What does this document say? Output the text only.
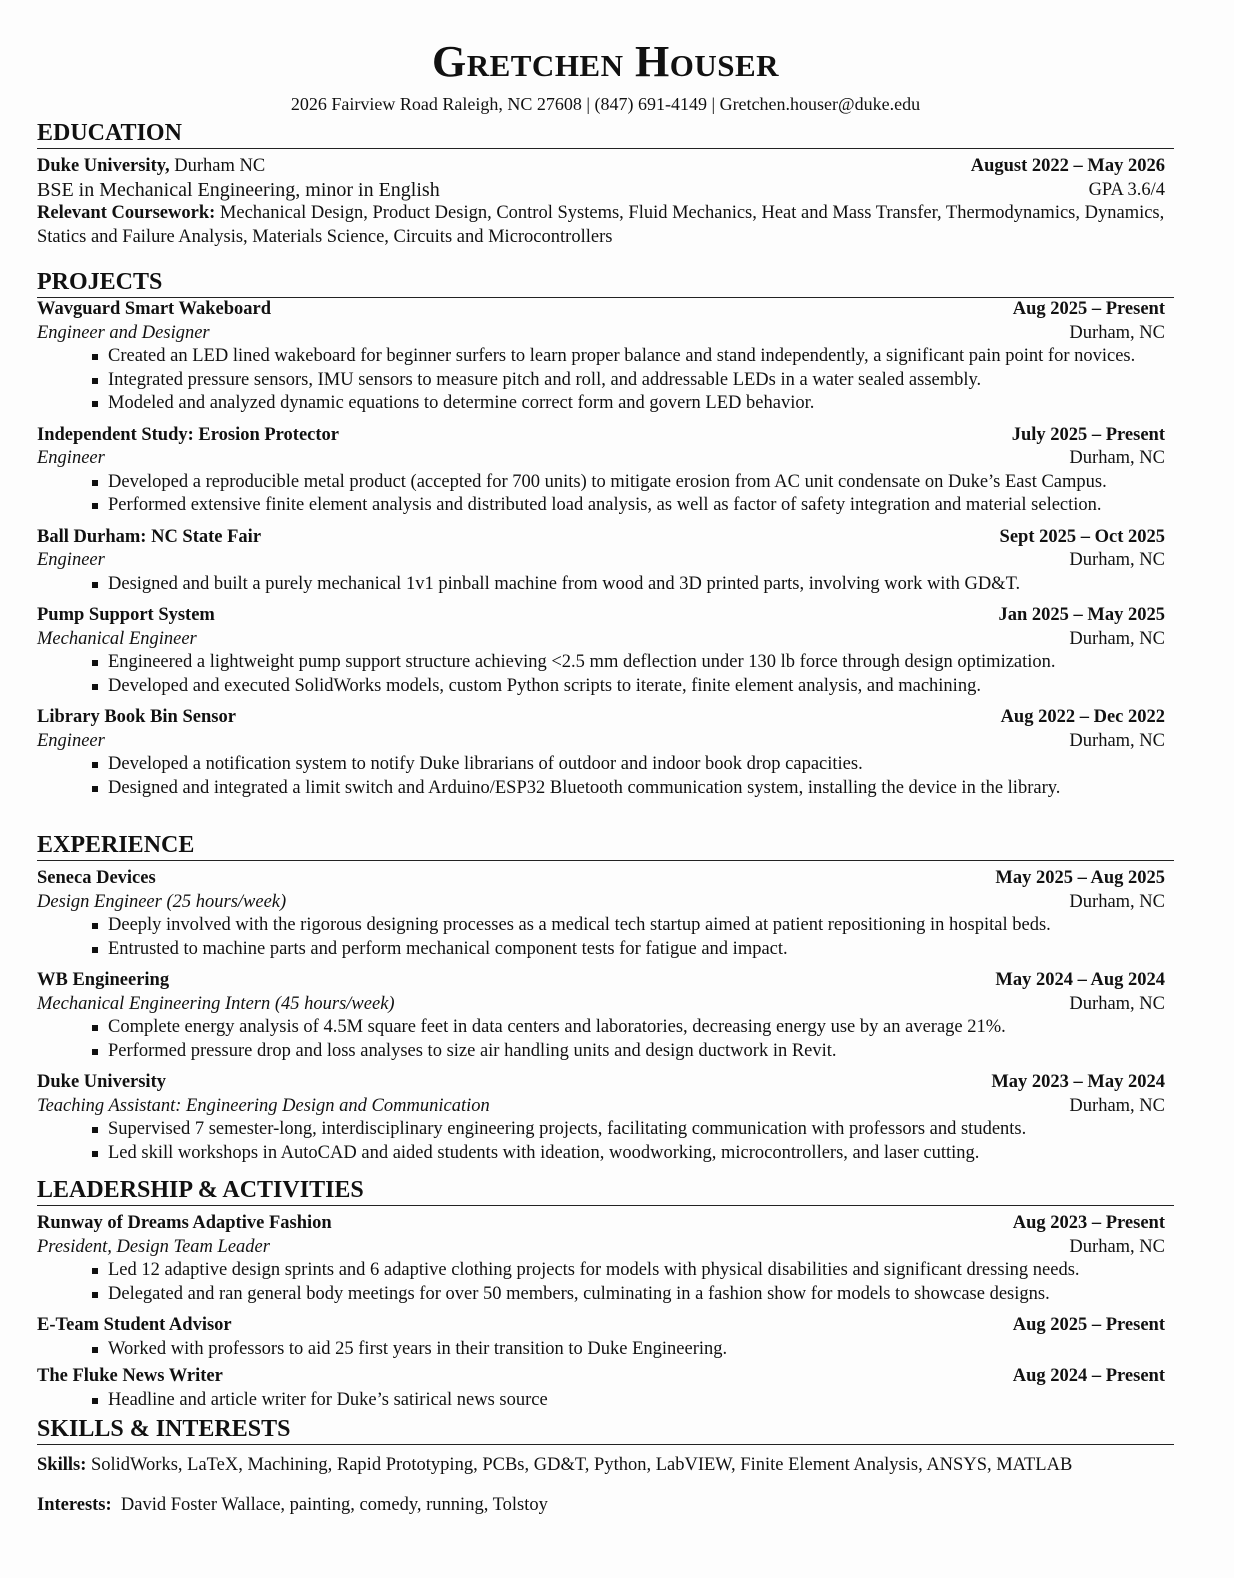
Gretchen Houser
2026 Fairview Road Raleigh, NC 27608 | (847) 691-4149 | Gretchen.houser@duke.edu
EDUCATION
Duke University, Durham NC	August 2022 – May 2026
BSE in Mechanical Engineering, minor in English	GPA 3.6/4
Relevant Coursework: Mechanical Design, Product Design, Control Systems, Fluid Mechanics, Heat and Mass Transfer, Thermodynamics, Dynamics, Statics and Failure Analysis, Materials Science, Circuits and Microcontrollers
PROJECTS
Wavguard Smart Wakeboard	Aug 2025 – Present
Engineer and Designer	Durham, NC
Created an LED lined wakeboard for beginner surfers to learn proper balance and stand independently, a significant pain point for novices.
Integrated pressure sensors, IMU sensors to measure pitch and roll, and addressable LEDs in a water sealed assembly.
Modeled and analyzed dynamic equations to determine correct form and govern LED behavior.
Independent Study: Erosion Protector	July 2025 – Present
Engineer	Durham, NC
Developed a reproducible metal product (accepted for 700 units) to mitigate erosion from AC unit condensate on Duke’s East Campus.
Performed extensive finite element analysis and distributed load analysis, as well as factor of safety integration and material selection.
Ball Durham: NC State Fair	Sept 2025 – Oct 2025
Engineer	Durham, NC
Designed and built a purely mechanical 1v1 pinball machine from wood and 3D printed parts, involving work with GD&T.
Pump Support System	Jan 2025 – May 2025
Mechanical Engineer	Durham, NC
Engineered a lightweight pump support structure achieving <2.5 mm deflection under 130 lb force through design optimization.
Developed and executed SolidWorks models, custom Python scripts to iterate, finite element analysis, and machining.
Library Book Bin Sensor	Aug 2022 – Dec 2022
Engineer	Durham, NC
Developed a notification system to notify Duke librarians of outdoor and indoor book drop capacities.
Designed and integrated a limit switch and Arduino/ESP32 Bluetooth communication system, installing the device in the library.
EXPERIENCE
Seneca Devices	May 2025 – Aug 2025
Design Engineer (25 hours/week)	Durham, NC
Deeply involved with the rigorous designing processes as a medical tech startup aimed at patient repositioning in hospital beds.
Entrusted to machine parts and perform mechanical component tests for fatigue and impact.
WB Engineering	May 2024 – Aug 2024
Mechanical Engineering Intern (45 hours/week)	Durham, NC
Complete energy analysis of 4.5M square feet in data centers and laboratories, decreasing energy use by an average 21%.
Performed pressure drop and loss analyses to size air handling units and design ductwork in Revit.
Duke University	May 2023 – May 2024
Teaching Assistant: Engineering Design and Communication	Durham, NC
Supervised 7 semester-long, interdisciplinary engineering projects, facilitating communication with professors and students.
Led skill workshops in AutoCAD and aided students with ideation, woodworking, microcontrollers, and laser cutting.
LEADERSHIP & ACTIVITIES
Runway of Dreams Adaptive Fashion	Aug 2023 – Present
President, Design Team Leader	Durham, NC
Led 12 adaptive design sprints and 6 adaptive clothing projects for models with physical disabilities and significant dressing needs.
Delegated and ran general body meetings for over 50 members, culminating in a fashion show for models to showcase designs.
E-Team Student Advisor	Aug 2025 – Present
Worked with professors to aid 25 first years in their transition to Duke Engineering.
The Fluke News Writer	Aug 2024 – Present
Headline and article writer for Duke’s satirical news source
SKILLS & INTERESTS
Skills: SolidWorks, LaTeX, Machining, Rapid Prototyping, PCBs, GD&T, Python, LabVIEW, Finite Element Analysis, ANSYS, MATLAB
Interests: David Foster Wallace, painting, comedy, running, Tolstoy
